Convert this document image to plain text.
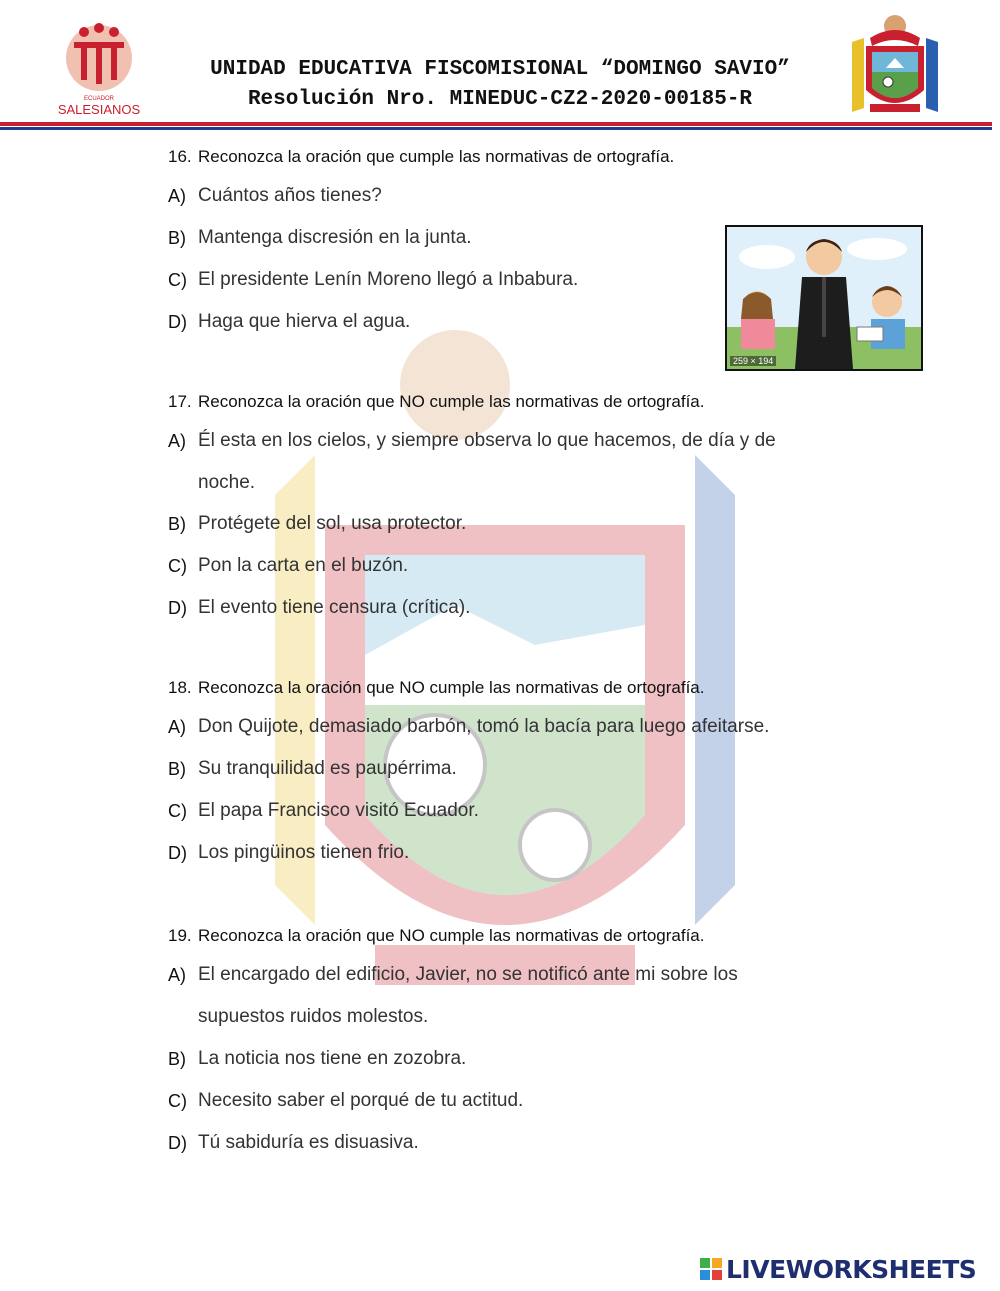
ECUADOR
SALESIANOS
UNIDAD EDUCATIVA FISCOMISIONAL “DOMINGO SAVIO”
Resolución Nro. MINEDUC-CZ2-2020-00185-R
259 × 194
16. Reconozca la oración que cumple las normativas de ortografía.
A) Cuántos años tienes?
B) Mantenga discresión en la junta.
C) El presidente Lenín Moreno llegó a Inbabura.
D) Haga que hierva el agua.
17. Reconozca la oración que NO cumple las normativas de ortografía.
A) Él esta en los cielos, y siempre observa lo que hacemos, de día y de noche.
B) Protégete del sol, usa protector.
C) Pon la carta en el buzón.
D) El evento tiene censura (crítica).
18. Reconozca la oración que NO cumple las normativas de ortografía.
A) Don Quijote, demasiado barbón, tomó la bacía para luego afeitarse.
B) Su tranquilidad es paupérrima.
C) El papa Francisco visitó Ecuador.
D) Los pingüinos tienen frio.
19. Reconozca la oración que NO cumple las normativas de ortografía.
A) El encargado del edificio, Javier, no se notificó ante mi sobre los supuestos ruidos molestos.
B) La noticia nos tiene en zozobra.
C) Necesito saber el porqué de tu actitud.
D) Tú sabiduría es disuasiva.
LIVEWORKSHEETS
